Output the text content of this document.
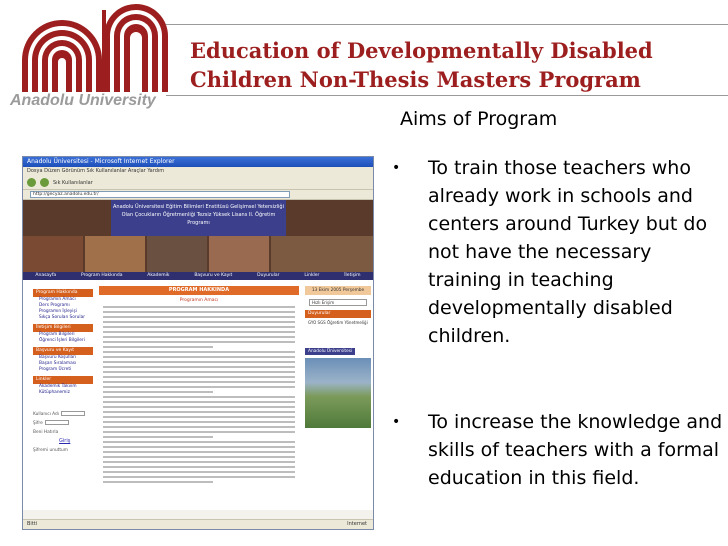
Anadolu University
Education of Developmentally Disabled
Children Non-Thesis Masters Program
Anadolu Üniversitesi - Microsoft Internet Explorer
Dosya Düzen Görünüm Sık Kullanılanlar Araçlar Yardım
Sık Kullanılanlar
http://gecyaz.anadolu.edu.tr/
Anadolu Üniversitesi Eğitim Bilimleri Enstitüsü Gelişimsel Yetersizliği Olan Çocukların Öğretmenliği Tezsiz Yüksek Lisans II. Öğretim Programı
Anasayfa	Program Hakkında	Akademik	Başvuru ve Kayıt	Duyurular	Linkler	İletişim
Program Hakkında
Programın Amacı
Ders Programı
Programın İşleyişi
Sıkça Sorulan Sorular
İletişim Bilgileri
Program Bilgileri
Öğrenci İşleri Bilgileri
Başvuru ve Kayıt
Başvuru Koşulları
Başarı Sıralaması
Program Ücreti
Linkler
Akademik Takvim
Kütüphanemiz
Kullanıcı Adı
Şifre
Beni Hatırla
Giriş
Şifremi unuttum
PROGRAM HAKKINDA
Programın Amacı
13 Ekim 2005 Perşembe
Hızlı Erişim
Duyurular
GYO SGS Öğretim Yönetmeliği
Anadolu Üniversitesi
Bitti	Internet
Aims of Program
• To train those teachers who already work in schools and centers around Turkey but do not have the necessary training in teaching developmentally disabled children.
• To increase the knowledge and skills of teachers with a formal education in this field.
